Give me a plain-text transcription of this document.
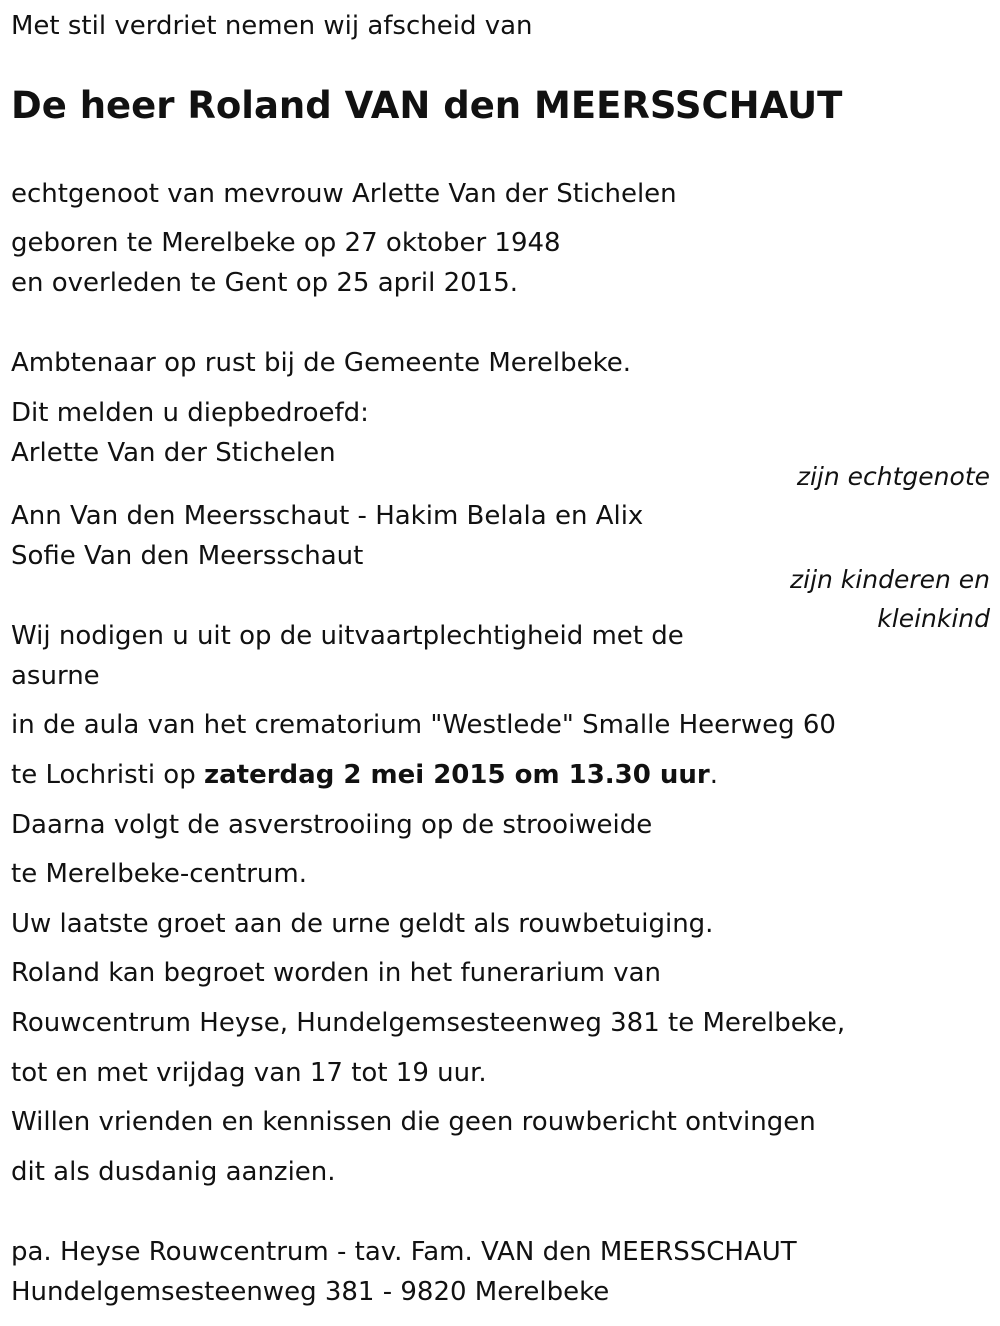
Met stil verdriet nemen wij afscheid van
De heer Roland VAN den MEERSSCHAUT
echtgenoot van mevrouw Arlette Van der Stichelen
geboren te Merelbeke op 27 oktober 1948
en overleden te Gent op 25 april 2015.
Ambtenaar op rust bij de Gemeente Merelbeke.
Dit melden u diepbedroefd:
Arlette Van der Stichelen
zijn echtgenote
Ann Van den Meersschaut - Hakim Belala en Alix
Sofie Van den Meersschaut
zijn kinderen en
kleinkind
Wij nodigen u uit op de uitvaartplechtigheid met de
asurne
in de aula van het crematorium "Westlede" Smalle Heerweg 60
te Lochristi op zaterdag 2 mei 2015 om 13.30 uur.
Daarna volgt de asverstrooiing op de strooiweide
te Merelbeke-centrum.
Uw laatste groet aan de urne geldt als rouwbetuiging.
Roland kan begroet worden in het funerarium van
Rouwcentrum Heyse, Hundelgemsesteenweg 381 te Merelbeke,
tot en met vrijdag van 17 tot 19 uur.
Willen vrienden en kennissen die geen rouwbericht ontvingen
dit als dusdanig aanzien.
pa. Heyse Rouwcentrum - tav. Fam. VAN den MEERSSCHAUT
Hundelgemsesteenweg 381 - 9820 Merelbeke
